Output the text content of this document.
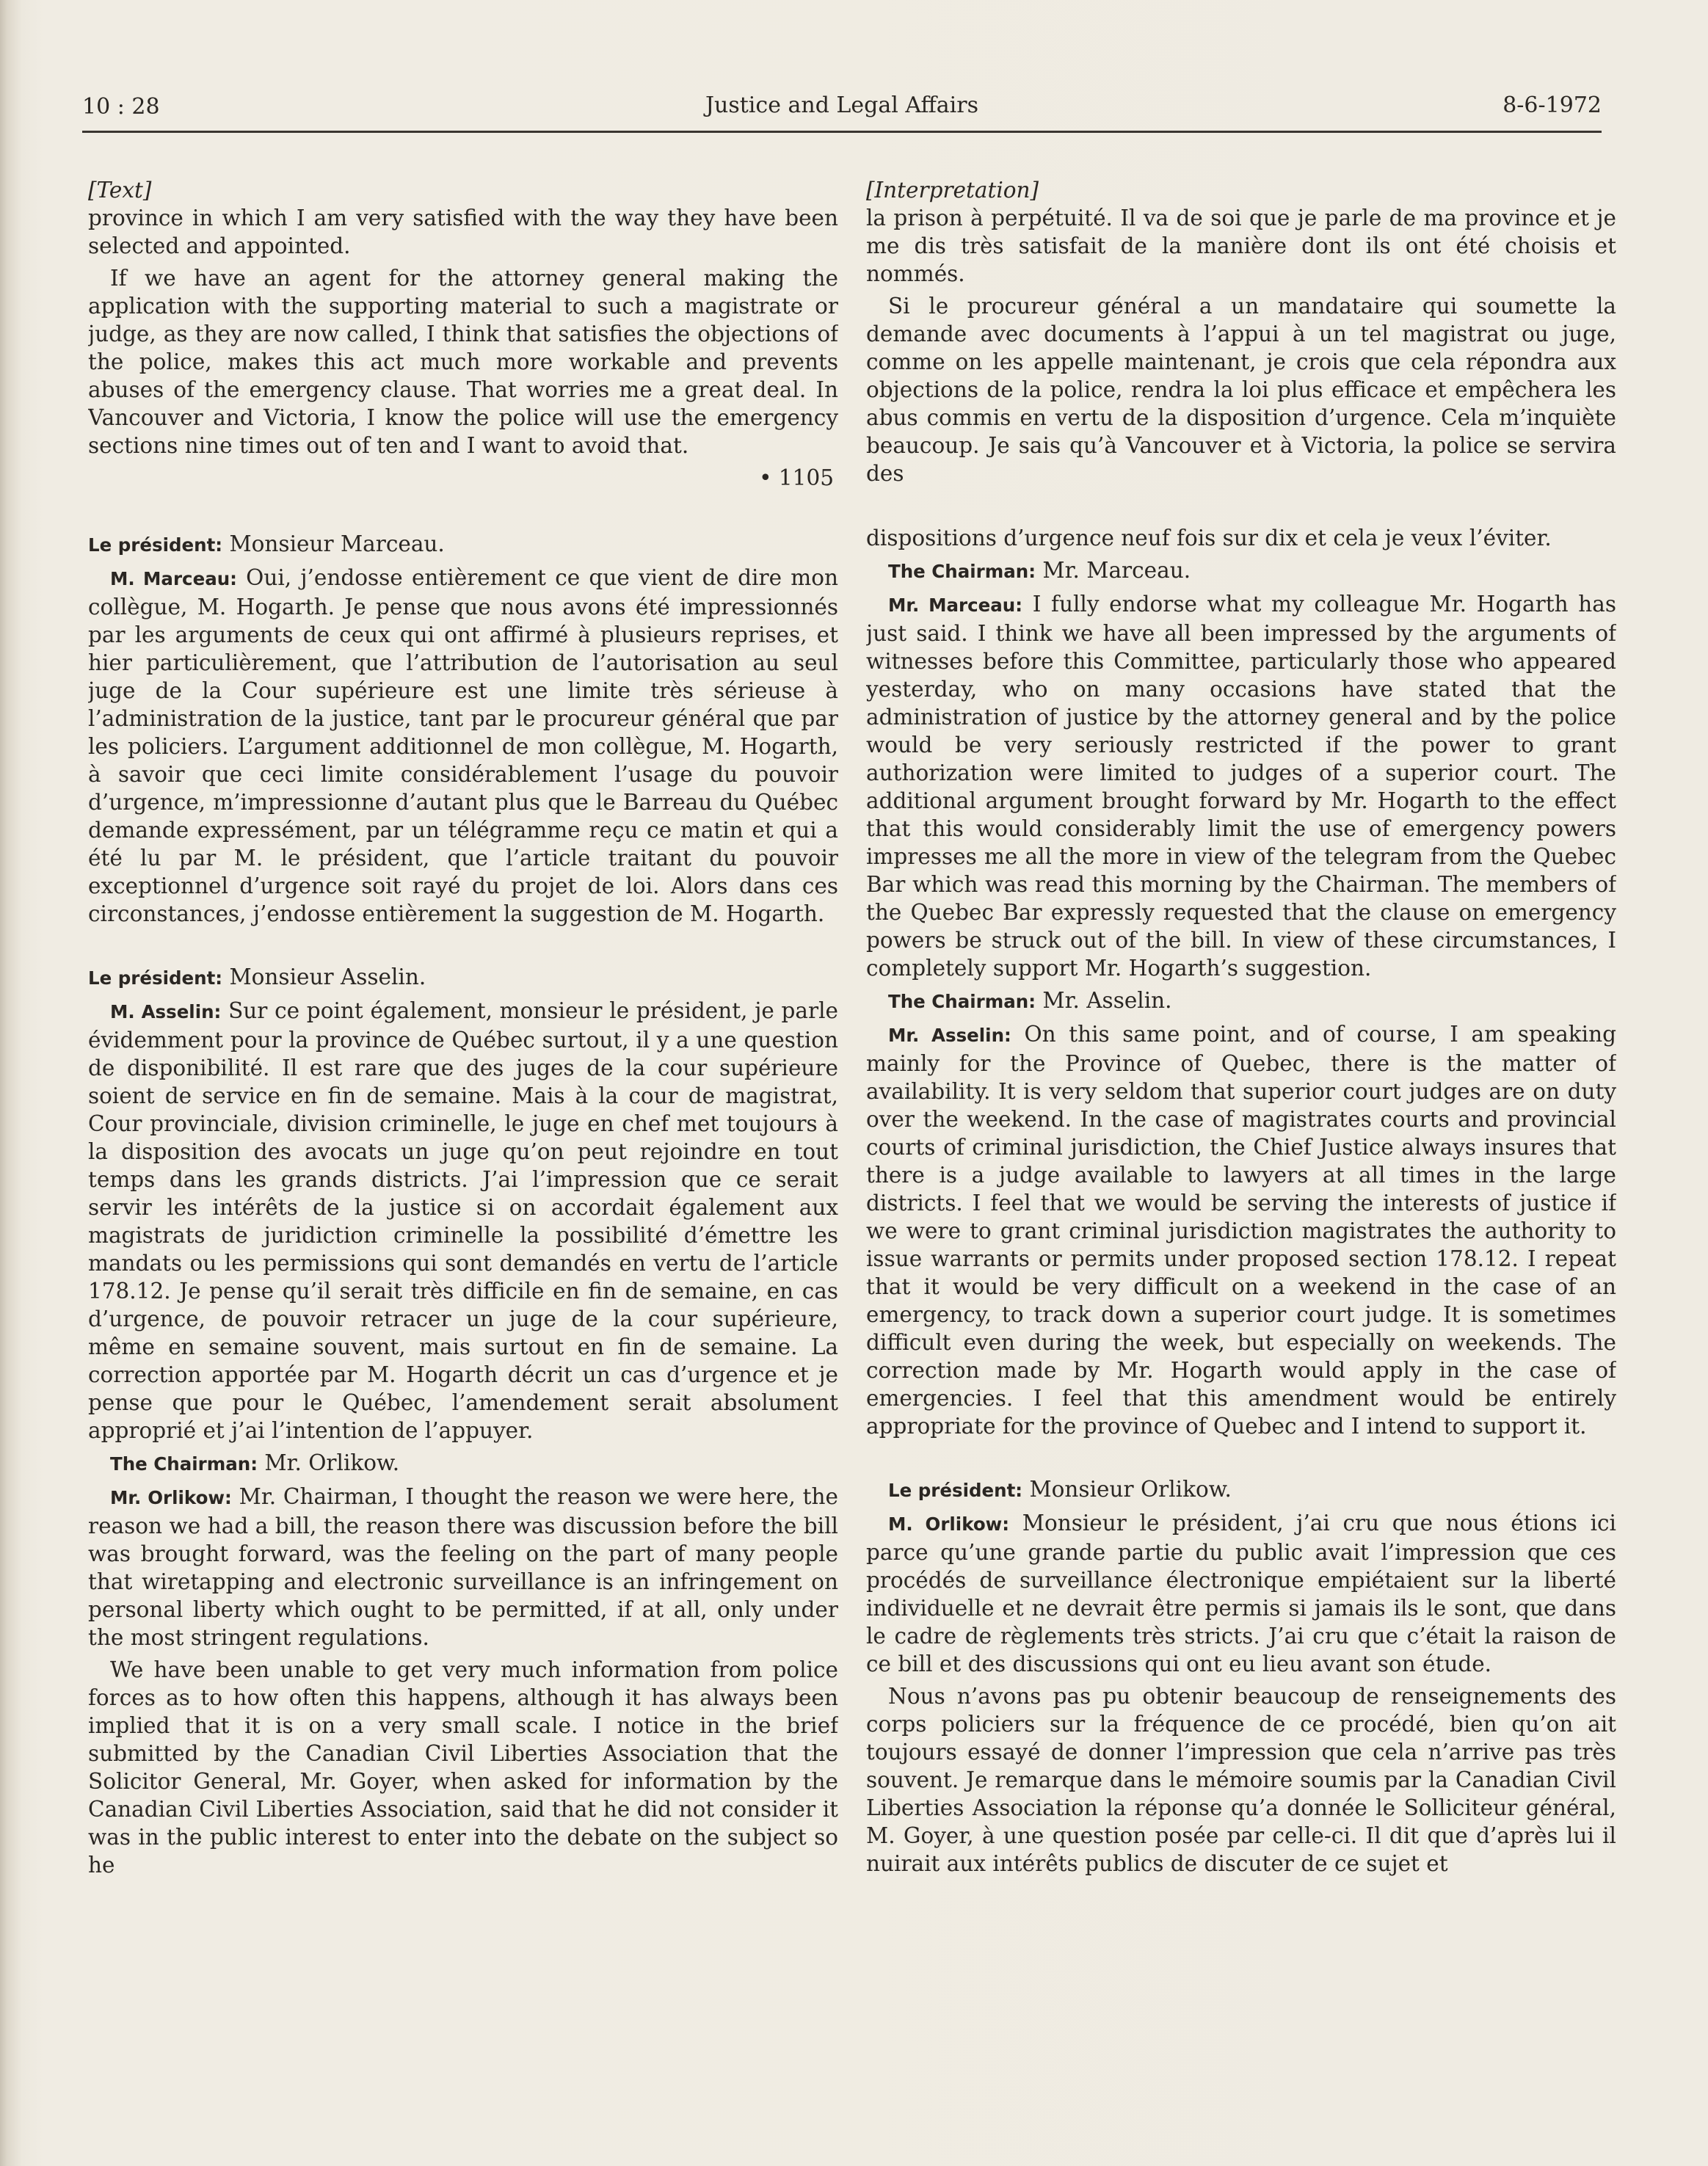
10 : 28	Justice and Legal Affairs	8-6-1972
[Text]

province in which I am very satisfied with the way they have been selected and appointed.

If we have an agent for the attorney general making the application with the supporting material to such a magistrate or judge, as they are now called, I think that satisfies the objections of the police, makes this act much more workable and prevents abuses of the emergency clause. That worries me a great deal. In Vancouver and Victoria, I know the police will use the emergency sections nine times out of ten and I want to avoid that.

• 1105

Le président: Monsieur Marceau.

M. Marceau: Oui, j’endosse entièrement ce que vient de dire mon collègue, M. Hogarth. Je pense que nous avons été impressionnés par les arguments de ceux qui ont affirmé à plusieurs reprises, et hier particulièrement, que l’attribution de l’autorisation au seul juge de la Cour supérieure est une limite très sérieuse à l’administration de la justice, tant par le procureur général que par les policiers. L’argument additionnel de mon collègue, M. Hogarth, à savoir que ceci limite considérablement l’usage du pouvoir d’urgence, m’impressionne d’autant plus que le Barreau du Québec demande expressément, par un télégramme reçu ce matin et qui a été lu par M. le président, que l’article traitant du pouvoir exceptionnel d’urgence soit rayé du projet de loi. Alors dans ces circonstances, j’endosse entièrement la suggestion de M. Hogarth.

Le président: Monsieur Asselin.

M. Asselin: Sur ce point également, monsieur le président, je parle évidemment pour la province de Québec surtout, il y a une question de disponibilité. Il est rare que des juges de la cour supérieure soient de service en fin de semaine. Mais à la cour de magistrat, Cour provinciale, division criminelle, le juge en chef met toujours à la disposition des avocats un juge qu’on peut rejoindre en tout temps dans les grands districts. J’ai l’impression que ce serait servir les intérêts de la justice si on accordait également aux magistrats de juridiction criminelle la possibilité d’émettre les mandats ou les permissions qui sont demandés en vertu de l’article 178.12. Je pense qu’il serait très difficile en fin de semaine, en cas d’urgence, de pouvoir retracer un juge de la cour supérieure, même en semaine souvent, mais surtout en fin de semaine. La correction apportée par M. Hogarth décrit un cas d’urgence et je pense que pour le Québec, l’amendement serait absolument approprié et j’ai l’intention de l’appuyer.

The Chairman: Mr. Orlikow.

Mr. Orlikow: Mr. Chairman, I thought the reason we were here, the reason we had a bill, the reason there was discussion before the bill was brought forward, was the feeling on the part of many people that wiretapping and electronic surveillance is an infringement on personal liberty which ought to be permitted, if at all, only under the most stringent regulations.

We have been unable to get very much information from police forces as to how often this happens, although it has always been implied that it is on a very small scale. I notice in the brief submitted by the Canadian Civil Liberties Association that the Solicitor General, Mr. Goyer, when asked for information by the Canadian Civil Liberties Association, said that he did not consider it was in the public interest to enter into the debate on the subject so he

[Interpretation]

la prison à perpétuité. Il va de soi que je parle de ma province et je me dis très satisfait de la manière dont ils ont été choisis et nommés.

Si le procureur général a un mandataire qui soumette la demande avec documents à l’appui à un tel magistrat ou juge, comme on les appelle maintenant, je crois que cela répondra aux objections de la police, rendra la loi plus efficace et empêchera les abus commis en vertu de la disposition d’urgence. Cela m’inquiète beaucoup. Je sais qu’à Vancouver et à Victoria, la police se servira des

dispositions d’urgence neuf fois sur dix et cela je veux l’éviter.

The Chairman: Mr. Marceau.

Mr. Marceau: I fully endorse what my colleague Mr. Hogarth has just said. I think we have all been impressed by the arguments of witnesses before this Committee, particularly those who appeared yesterday, who on many occasions have stated that the administration of justice by the attorney general and by the police would be very seriously restricted if the power to grant authorization were limited to judges of a superior court. The additional argument brought forward by Mr. Hogarth to the effect that this would considerably limit the use of emergency powers impresses me all the more in view of the telegram from the Quebec Bar which was read this morning by the Chairman. The members of the Quebec Bar expressly requested that the clause on emergency powers be struck out of the bill. In view of these circumstances, I completely support Mr. Hogarth’s suggestion.

The Chairman: Mr. Asselin.

Mr. Asselin: On this same point, and of course, I am speaking mainly for the Province of Quebec, there is the matter of availability. It is very seldom that superior court judges are on duty over the weekend. In the case of magistrates courts and provincial courts of criminal jurisdiction, the Chief Justice always insures that there is a judge available to lawyers at all times in the large districts. I feel that we would be serving the interests of justice if we were to grant criminal jurisdiction magistrates the authority to issue warrants or permits under proposed section 178.12. I repeat that it would be very difficult on a weekend in the case of an emergency, to track down a superior court judge. It is sometimes difficult even during the week, but especially on weekends. The correction made by Mr. Hogarth would apply in the case of emergencies. I feel that this amendment would be entirely appropriate for the province of Quebec and I intend to support it.

Le président: Monsieur Orlikow.

M. Orlikow: Monsieur le président, j’ai cru que nous étions ici parce qu’une grande partie du public avait l’impression que ces procédés de surveillance électronique empiétaient sur la liberté individuelle et ne devrait être permis si jamais ils le sont, que dans le cadre de règlements très stricts. J’ai cru que c’était la raison de ce bill et des discussions qui ont eu lieu avant son étude.

Nous n’avons pas pu obtenir beaucoup de renseignements des corps policiers sur la fréquence de ce procédé, bien qu’on ait toujours essayé de donner l’impression que cela n’arrive pas très souvent. Je remarque dans le mémoire soumis par la Canadian Civil Liberties Association la réponse qu’a donnée le Solliciteur général, M. Goyer, à une question posée par celle-ci. Il dit que d’après lui il nuirait aux intérêts publics de discuter de ce sujet et
